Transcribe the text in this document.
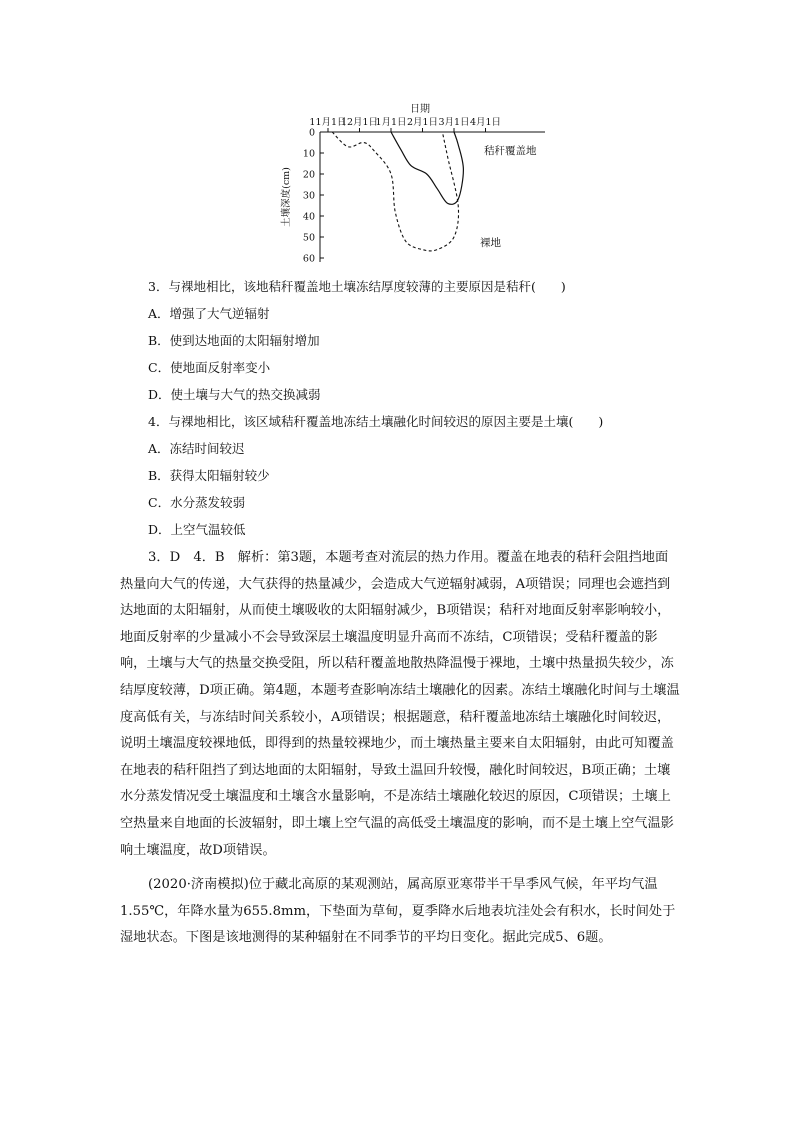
日期
11月1日
12月1日
1月1日 2月1日 3月1日 4月1日
0
10
20
30
40
50
60
土壤深度(cm)
秸秆覆盖地
裸地
3．与裸地相比，该地秸秆覆盖地土壤冻结厚度较薄的主要原因是秸秆(　　)
A．增强了大气逆辐射
B．使到达地面的太阳辐射增加
C．使地面反射率变小
D．使土壤与大气的热交换减弱
4．与裸地相比，该区域秸秆覆盖地冻结土壤融化时间较迟的原因主要是土壤(　　)
A．冻结时间较迟
B．获得太阳辐射较少
C．水分蒸发较弱
D．上空气温较低

3．D　4．B　解析：第3题，本题考查对流层的热力作用。覆盖在地表的秸秆会阻挡地面热量向大气的传递，大气获得的热量减少，会造成大气逆辐射减弱，A项错误；同理也会遮挡到达地面的太阳辐射，从而使土壤吸收的太阳辐射减少，B项错误；秸秆对地面反射率影响较小，地面反射率的少量减小不会导致深层土壤温度明显升高而不冻结，C项错误；受秸秆覆盖的影响，土壤与大气的热量交换受阻，所以秸秆覆盖地散热降温慢于裸地，土壤中热量损失较少，冻结厚度较薄，D项正确。第4题，本题考查影响冻结土壤融化的因素。冻结土壤融化时间与土壤温度高低有关，与冻结时间关系较小，A项错误；根据题意，秸秆覆盖地冻结土壤融化时间较迟，说明土壤温度较裸地低，即得到的热量较裸地少，而土壤热量主要来自太阳辐射，由此可知覆盖在地表的秸秆阻挡了到达地面的太阳辐射，导致土温回升较慢，融化时间较迟，B项正确；土壤水分蒸发情况受土壤温度和土壤含水量影响，不是冻结土壤融化较迟的原因，C项错误；土壤上空热量来自地面的长波辐射，即土壤上空气温的高低受土壤温度的影响，而不是土壤上空气温影响土壤温度，故D项错误。

(2020·济南模拟)位于藏北高原的某观测站，属高原亚寒带半干旱季风气候，年平均气温1.55℃，年降水量为655.8mm，下垫面为草甸，夏季降水后地表坑洼处会有积水，长时间处于湿地状态。下图是该地测得的某种辐射在不同季节的平均日变化。据此完成5、6题。
